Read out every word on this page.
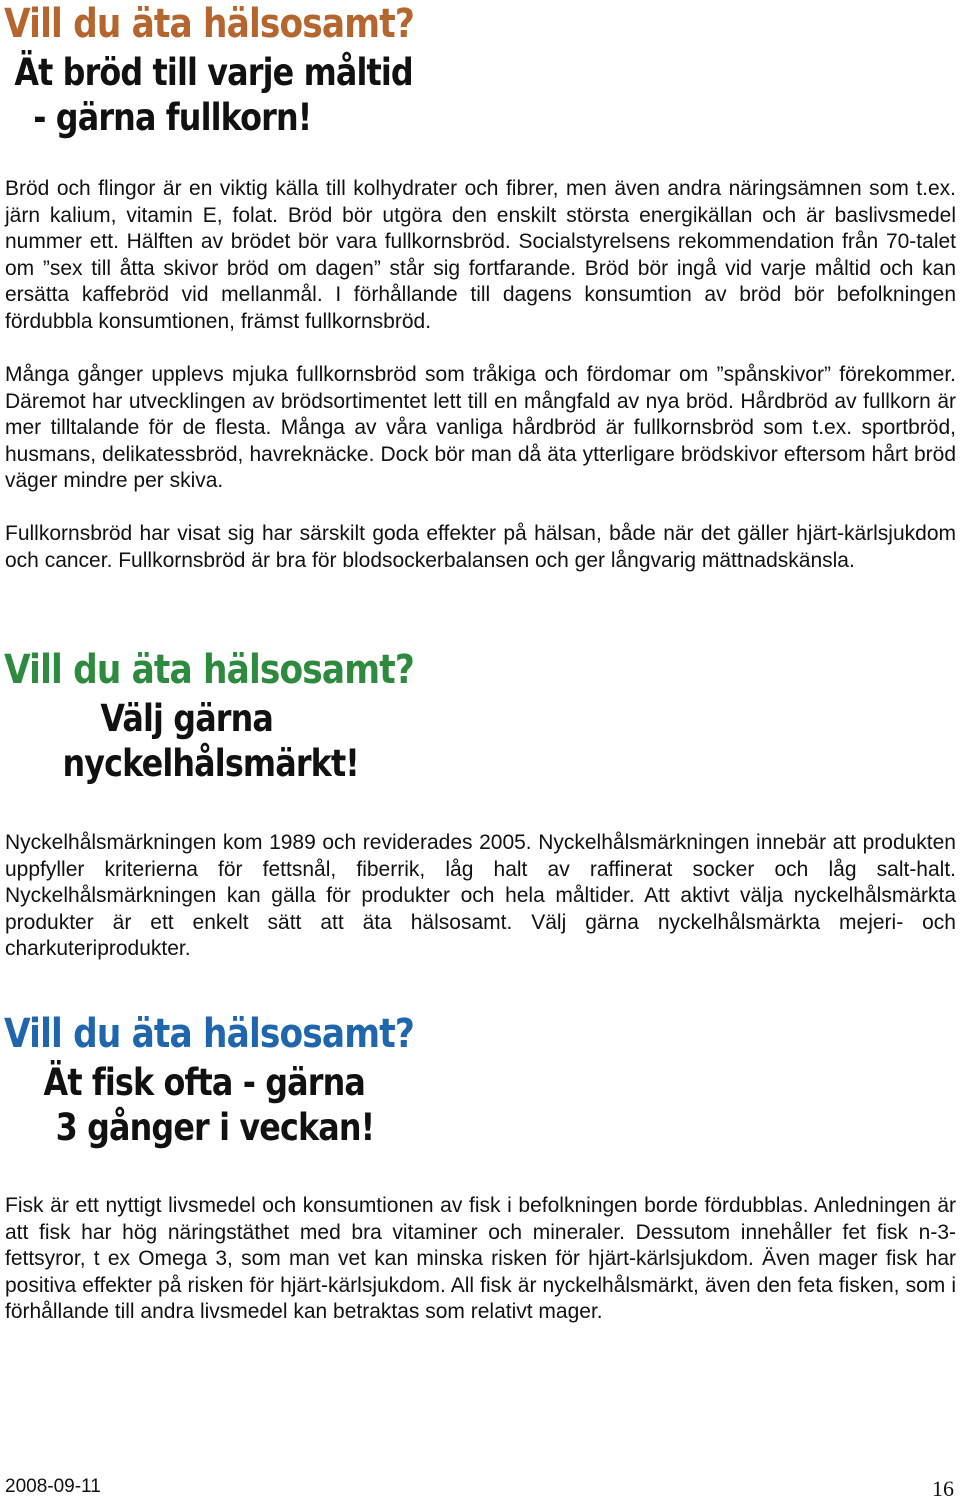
Vill du äta hälsosamt?
Ät bröd till varje måltid
- gärna fullkorn!

Bröd och flingor är en viktig källa till kolhydrater och fibrer, men även andra näringsämnen som t.ex. järn kalium, vitamin E, folat. Bröd bör utgöra den enskilt största energikällan och är baslivsmedel nummer ett. Hälften av brödet bör vara fullkornsbröd. Socialstyrelsens rekommendation från 70-talet om ”sex till åtta skivor bröd om dagen” står sig fortfarande. Bröd bör ingå vid varje måltid och kan ersätta kaffebröd vid mellanmål. I förhållande till dagens konsumtion av bröd bör befolkningen fördubbla konsumtionen, främst fullkornsbröd.

Många gånger upplevs mjuka fullkornsbröd som tråkiga och fördomar om ”spånskivor” förekommer. Däremot har utvecklingen av brödsortimentet lett till en mångfald av nya bröd. Hårdbröd av fullkorn är mer tilltalande för de flesta. Många av våra vanliga hårdbröd är fullkornsbröd som t.ex. sportbröd, husmans, delikatessbröd, havreknäcke. Dock bör man då äta ytterligare brödskivor eftersom hårt bröd väger mindre per skiva.

Fullkornsbröd har visat sig har särskilt goda effekter på hälsan, både när det gäller hjärt-kärlsjukdom och cancer. Fullkornsbröd är bra för blodsockerbalansen och ger långvarig mättnadskänsla.

Vill du äta hälsosamt?
Välj gärna
nyckelhålsmärkt!

Nyckelhålsmärkningen kom 1989 och reviderades 2005. Nyckelhålsmärkningen innebär att produkten uppfyller kriterierna för fettsnål, fiberrik, låg halt av raffinerat socker och låg salt-halt. Nyckelhålsmärkningen kan gälla för produkter och hela måltider. Att aktivt välja nyckelhålsmärkta produkter är ett enkelt sätt att äta hälsosamt. Välj gärna nyckelhålsmärkta mejeri- och charkuteriprodukter.

Vill du äta hälsosamt?
Ät fisk ofta - gärna
3 gånger i veckan!

Fisk är ett nyttigt livsmedel och konsumtionen av fisk i befolkningen borde fördubblas. Anledningen är att fisk har hög näringstäthet med bra vitaminer och mineraler. Dessutom innehåller fet fisk n-3-fettsyror, t ex Omega 3, som man vet kan minska risken för hjärt-kärlsjukdom. Även mager fisk har positiva effekter på risken för hjärt-kärlsjukdom. All fisk är nyckelhålsmärkt, även den feta fisken, som i förhållande till andra livsmedel kan betraktas som relativt mager.

2008-09-11	16
